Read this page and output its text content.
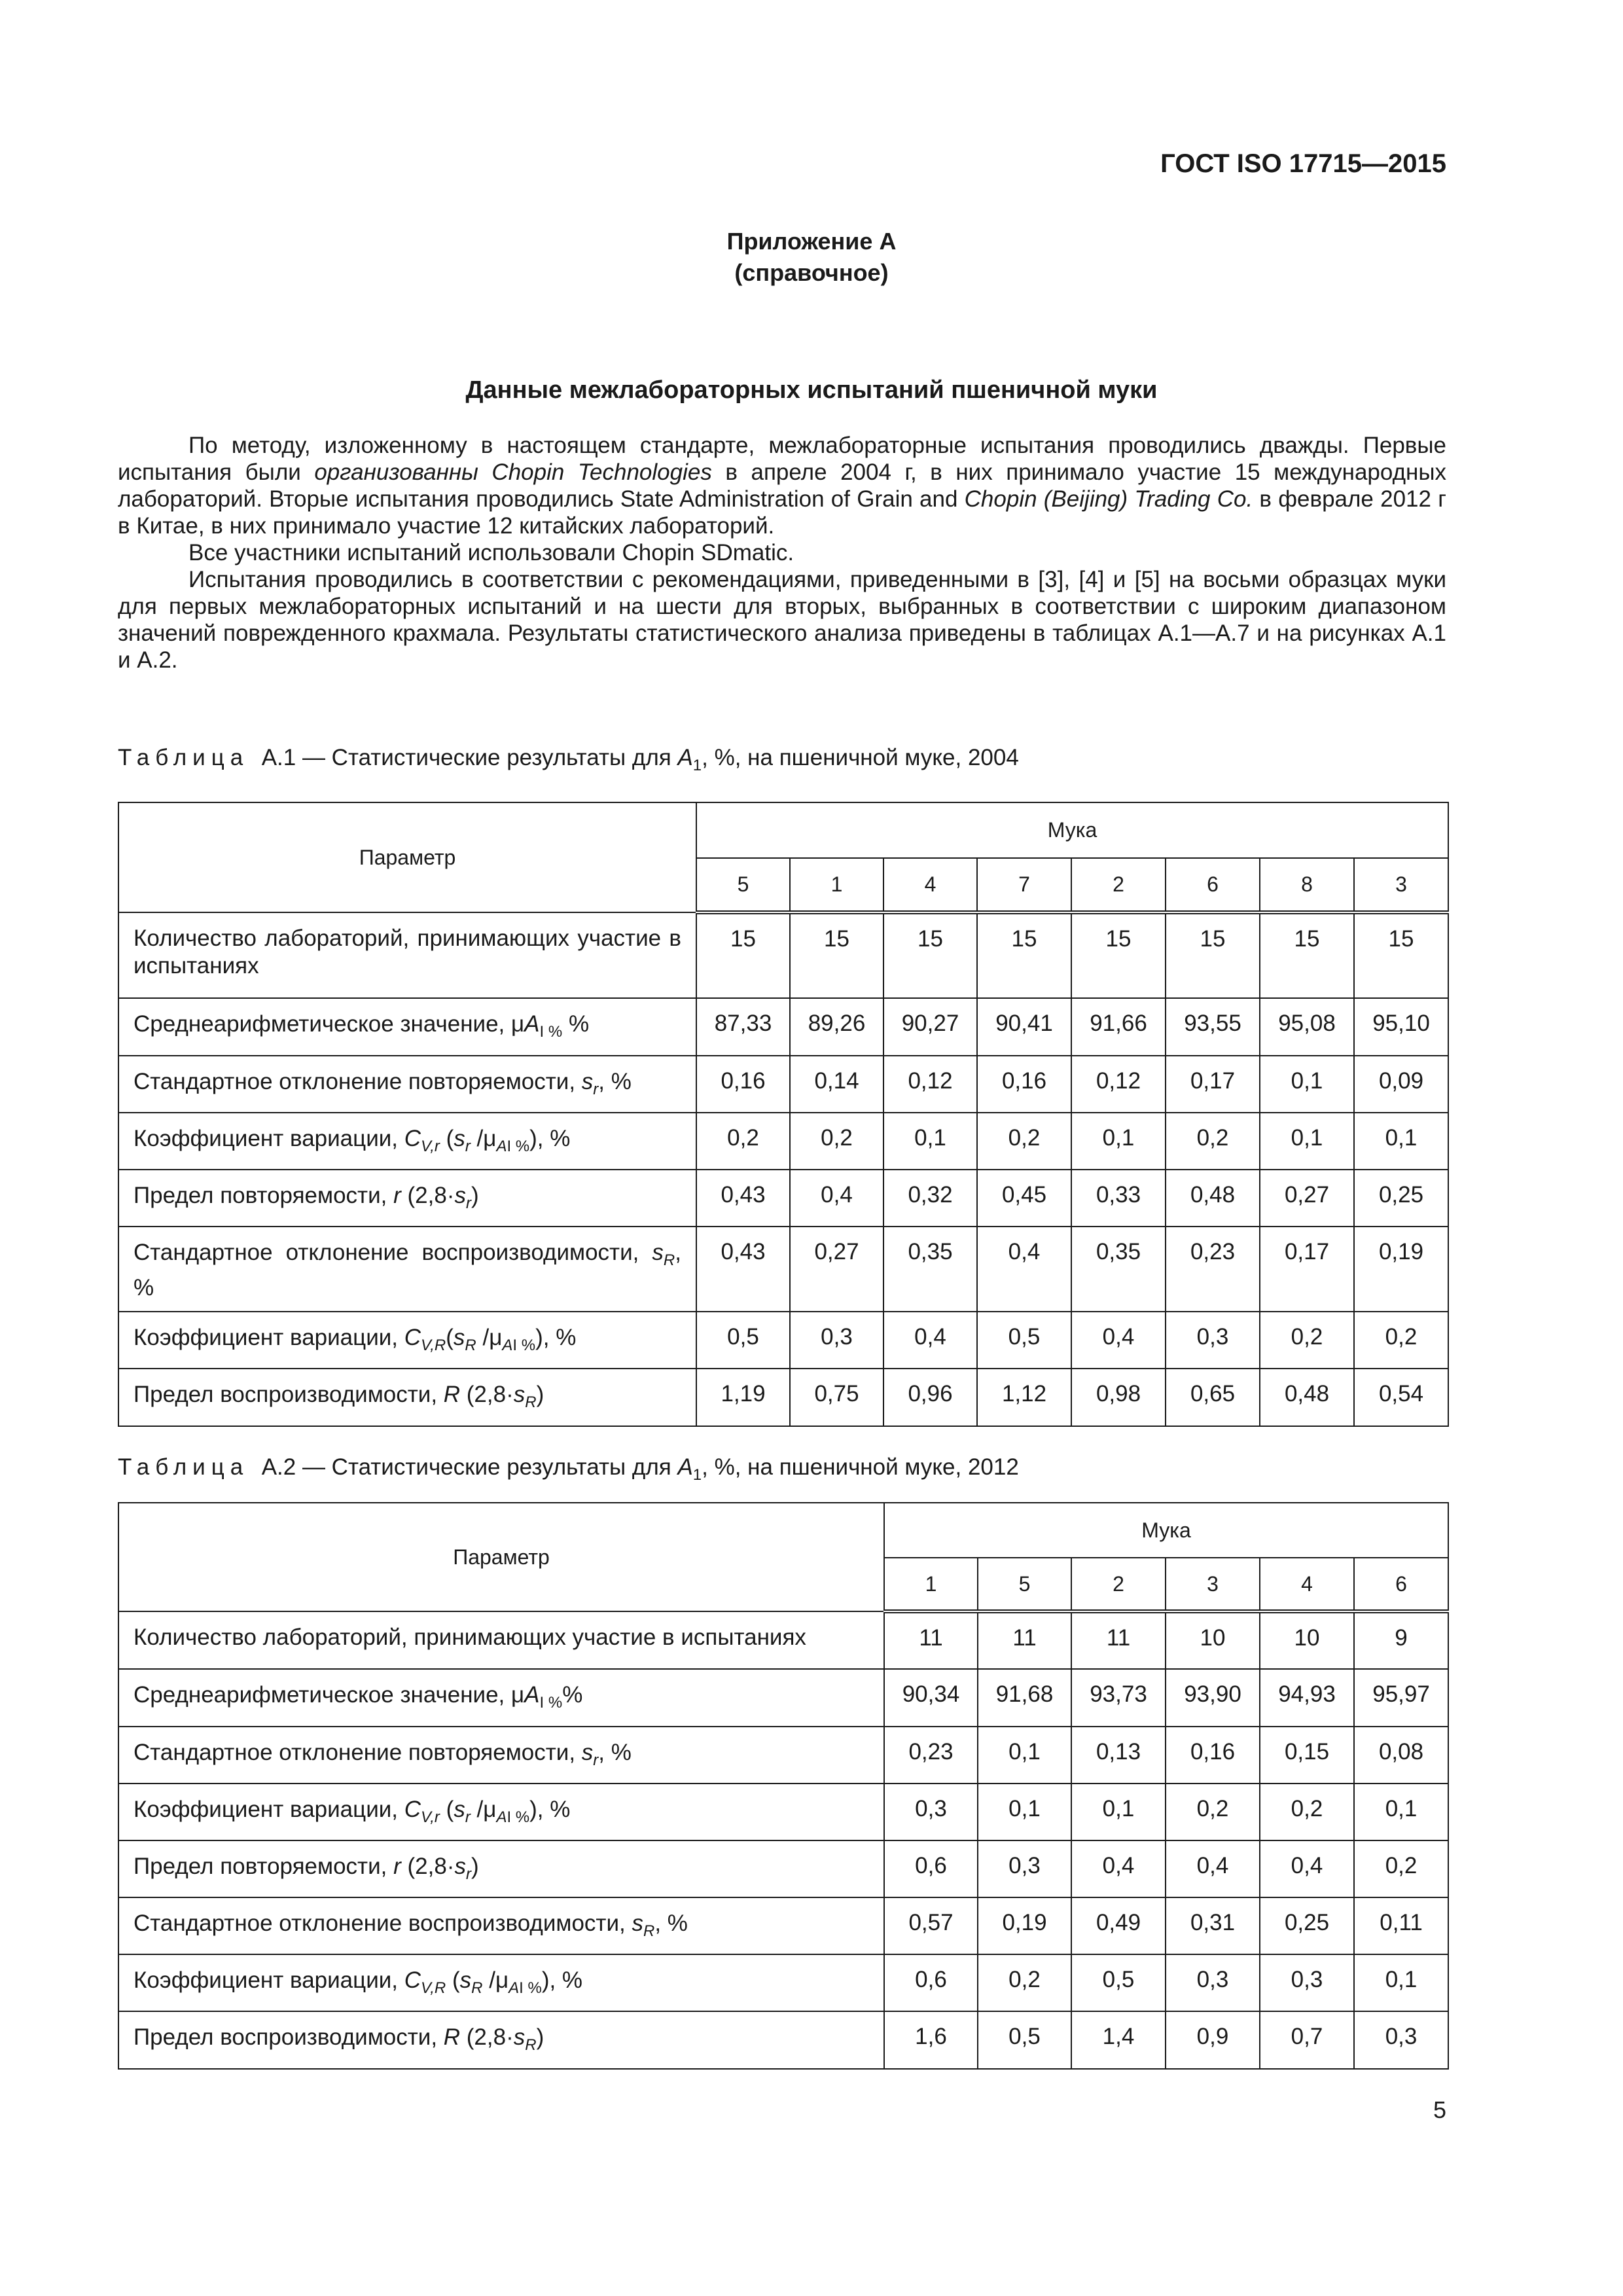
ГОСТ ISO 17715—2015
Приложение А
(справочное)
Данные межлабораторных испытаний пшеничной муки

По методу, изложенному в настоящем стандарте, межлабораторные испытания проводились дважды. Первые испытания были организованны Chopin Technologies в апреле 2004 г, в них принимало участие 15 международных лабораторий. Вторые испытания проводились State Administration of Grain and Chopin (Beijing) Trading Co. в феврале 2012 г в Китае, в них принимало участие 12 китайских лабораторий.

Все участники испытаний использовали Chopin SDmatic.

Испытания проводились в соответствии с рекомендациями, приведенными в [3], [4] и [5] на восьми образцах муки для первых межлабораторных испытаний и на шести для вторых, выбранных в соответствии с широким диапазоном значений поврежденного крахмала. Результаты статистического анализа приведены в таблицах А.1—А.7 и на рисунках А.1 и А.2.

Таблица А.1 — Статистические результаты для $A_1$, %, на пшеничной муке, 2004
Параметр	Мука							
	5	1	4	7	2	6	8	3
Количество лабораторий, принимающих участие в испытаниях	15	15	15	15	15	15	15	15
Среднеарифметическое значение, $\mu A_{I \%}$ %	87,33	89,26	90,27	90,41	91,66	93,55	95,08	95,10
Стандартное отклонение повторяемости, $s_r$, %	0,16	0,14	0,12	0,16	0,12	0,17	0,1	0,09
Коэффициент вариации, $C_{V,r}$ ($s_r$ $/\mu_{AI \%}$), %	0,2	0,2	0,1	0,2	0,1	0,2	0,1	0,1
Предел повторяемости, r $(2,8\cdot s_r)$	0,43	0,4	0,32	0,45	0,33	0,48	0,27	0,25
Стандартное отклонение воспроизводимости, $s_R$, %	0,43	0,27	0,35	0,4	0,35	0,23	0,17	0,19
Коэффициент вариации, $C_{V,R}(s_R$ $/\mu_{AI \%}$), %	0,5	0,3	0,4	0,5	0,4	0,3	0,2	0,2
Предел воспроизводимости, R $(2,8\cdot s_R)$	1,19	0,75	0,96	1,12	0,98	0,65	0,48	0,54
Таблица А.2 — Статистические результаты для $A_1$, %, на пшеничной муке, 2012
Параметр	Мука					
	1	5	2	3	4	6
Количество лабораторий, принимающих участие в испытаниях	11	11	11	10	10	9
Среднеарифметическое значение, $\mu A_{I \%}\%$	90,34	91,68	93,73	93,90	94,93	95,97
Стандартное отклонение повторяемости, $s_r$, %	0,23	0,1	0,13	0,16	0,15	0,08
Коэффициент вариации, $C_{V,r}$ ($s_r$ $/\mu_{AI \%}$), %	0,3	0,1	0,1	0,2	0,2	0,1
Предел повторяемости, r $(2,8\cdot s_r)$	0,6	0,3	0,4	0,4	0,4	0,2
Стандартное отклонение воспроизводимости, $s_R$, %	0,57	0,19	0,49	0,31	0,25	0,11
Коэффициент вариации, $C_{V,R}$ ($s_R$ $/\mu_{AI \%}$), %	0,6	0,2	0,5	0,3	0,3	0,1
Предел воспроизводимости, R $(2,8\cdot s_R)$	1,6	0,5	1,4	0,9	0,7	0,3
5
